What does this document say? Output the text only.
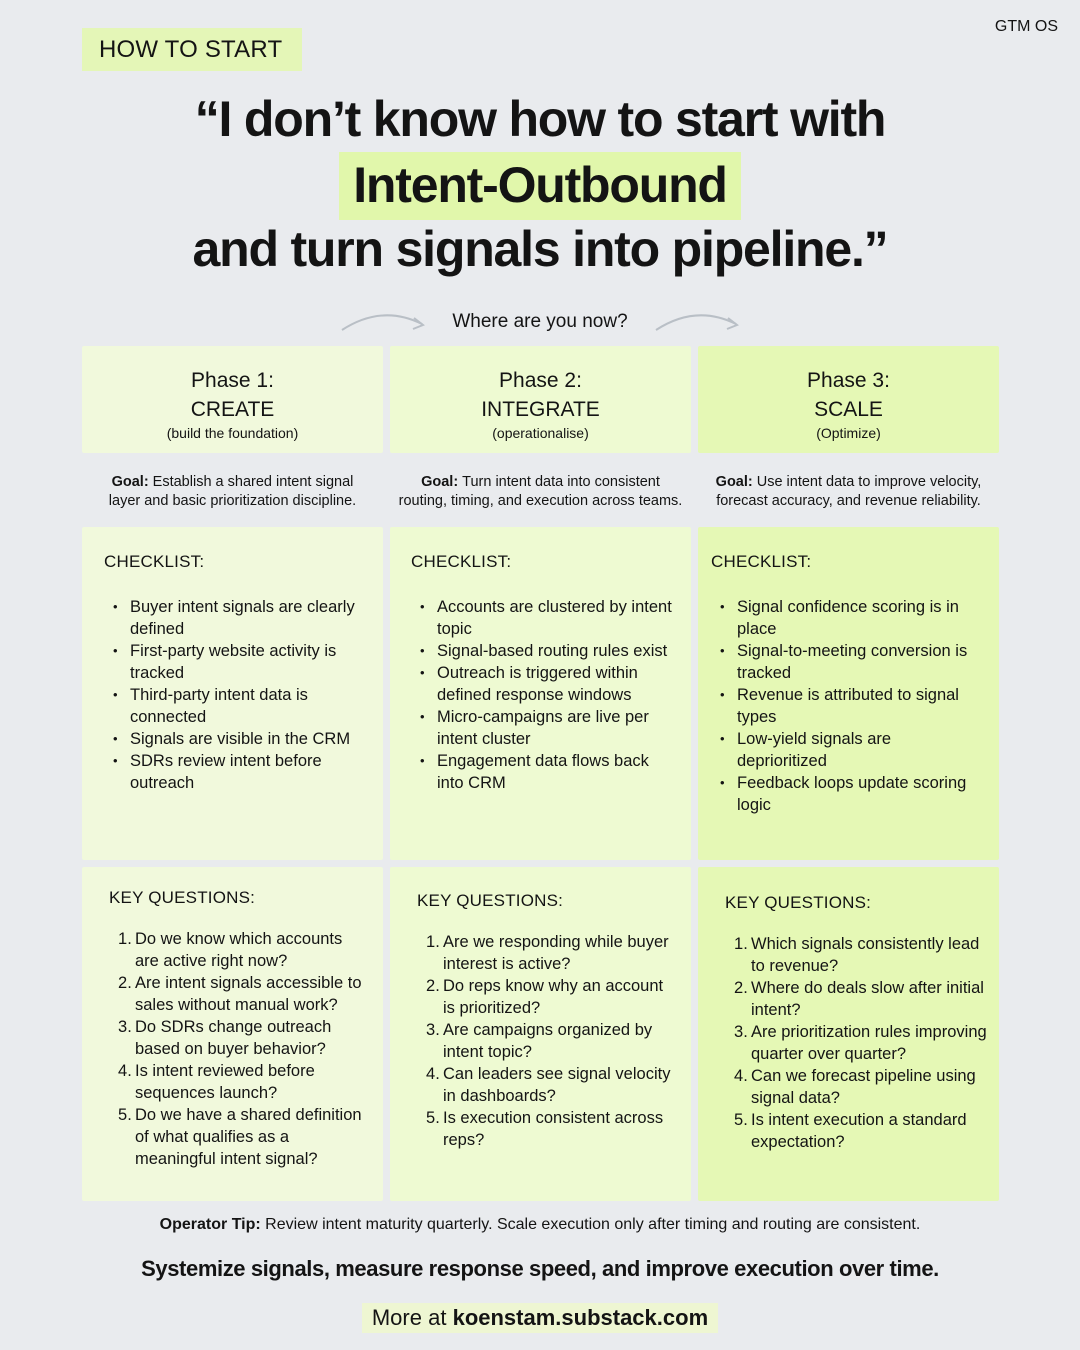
HOW TO START
GTM OS
“I don’t know how to start with
Intent-Outbound
and turn signals into pipeline.”
Where are you now?
Phase 1:
CREATE
(build the foundation)
Phase 2:
INTEGRATE
(operationalise)
Phase 3:
SCALE
(Optimize)
Goal: Establish a shared intent signal
layer and basic prioritization discipline.
Goal: Turn intent data into consistent
routing, timing, and execution across teams.
Goal: Use intent data to improve velocity,
forecast accuracy, and revenue reliability.
CHECKLIST:
• Buyer intent signals are clearly defined
• First-party website activity is tracked
• Third-party intent data is connected
• Signals are visible in the CRM
• SDRs review intent before outreach
CHECKLIST:
• Accounts are clustered by intent topic
• Signal-based routing rules exist
• Outreach is triggered within defined response windows
• Micro-campaigns are live per intent cluster
• Engagement data flows back into CRM
CHECKLIST:
• Signal confidence scoring is in place
• Signal-to-meeting conversion is tracked
• Revenue is attributed to signal types
• Low-yield signals are deprioritized
• Feedback loops update scoring logic
KEY QUESTIONS:
Do we know which accounts are active right now?
Are intent signals accessible to sales without manual work?
Do SDRs change outreach based on buyer behavior?
Is intent reviewed before sequences launch?
Do we have a shared definition of what qualifies as a meaningful intent signal?
KEY QUESTIONS:
Are we responding while buyer interest is active?
Do reps know why an account is prioritized?
Are campaigns organized by intent topic?
Can leaders see signal velocity in dashboards?
Is execution consistent across reps?
KEY QUESTIONS:
Which signals consistently lead to revenue?
Where do deals slow after initial intent?
Are prioritization rules improving quarter over quarter?
Can we forecast pipeline using signal data?
Is intent execution a standard expectation?
Operator Tip: Review intent maturity quarterly. Scale execution only after timing and routing are consistent.
Systemize signals, measure response speed, and improve execution over time.
More at koenstam.substack.com
